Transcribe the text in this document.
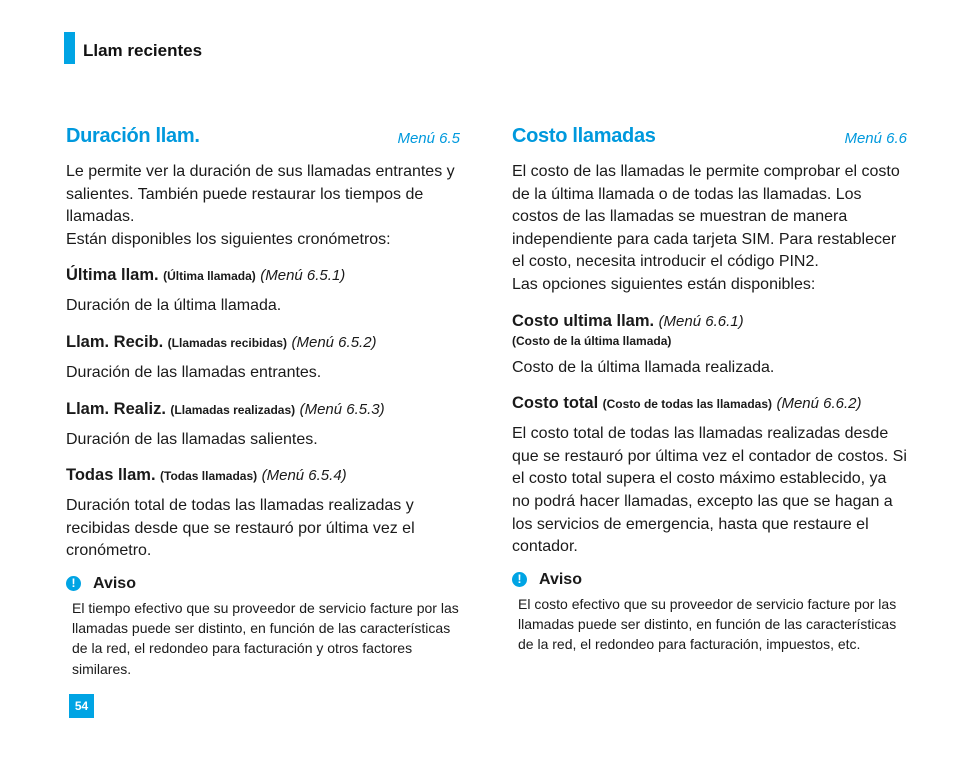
Llam recientes
Duración llam.	Menú 6.5

Le permite ver la duración de sus llamadas entrantes y salientes. También puede restaurar los tiempos de llamadas.

Están disponibles los siguientes cronómetros:

Última llam. (Última llamada) (Menú 6.5.1)

Duración de la última llamada.

Llam. Recib. (Llamadas recibidas) (Menú 6.5.2)

Duración de las llamadas entrantes.

Llam. Realiz. (Llamadas realizadas) (Menú 6.5.3)

Duración de las llamadas salientes.

Todas llam. (Todas llamadas) (Menú 6.5.4)

Duración total de todas las llamadas realizadas y recibidas desde que se restauró por última vez el cronómetro.

!	Aviso

El tiempo efectivo que su proveedor de servicio facture por las llamadas puede ser distinto, en función de las características de la red, el redondeo para facturación y otros factores similares.

Costo llamadas	Menú 6.6

El costo de las llamadas le permite comprobar el costo de la última llamada o de todas las llamadas. Los costos de las llamadas se muestran de manera independiente para cada tarjeta SIM. Para restablecer el costo, necesita introducir el código PIN2.

Las opciones siguientes están disponibles:

Costo ultima llam. (Menú 6.6.1)
(Costo de la última llamada)

Costo de la última llamada realizada.

Costo total (Costo de todas las llamadas) (Menú 6.6.2)

El costo total de todas las llamadas realizadas desde que se restauró por última vez el contador de costos. Si el costo total supera el costo máximo establecido, ya no podrá hacer llamadas, excepto las que se hagan a los servicios de emergencia, hasta que restaure el contador.

!	Aviso

El costo efectivo que su proveedor de servicio facture por las llamadas puede ser distinto, en función de las características de la red, el redondeo para facturación, impuestos, etc.

54
